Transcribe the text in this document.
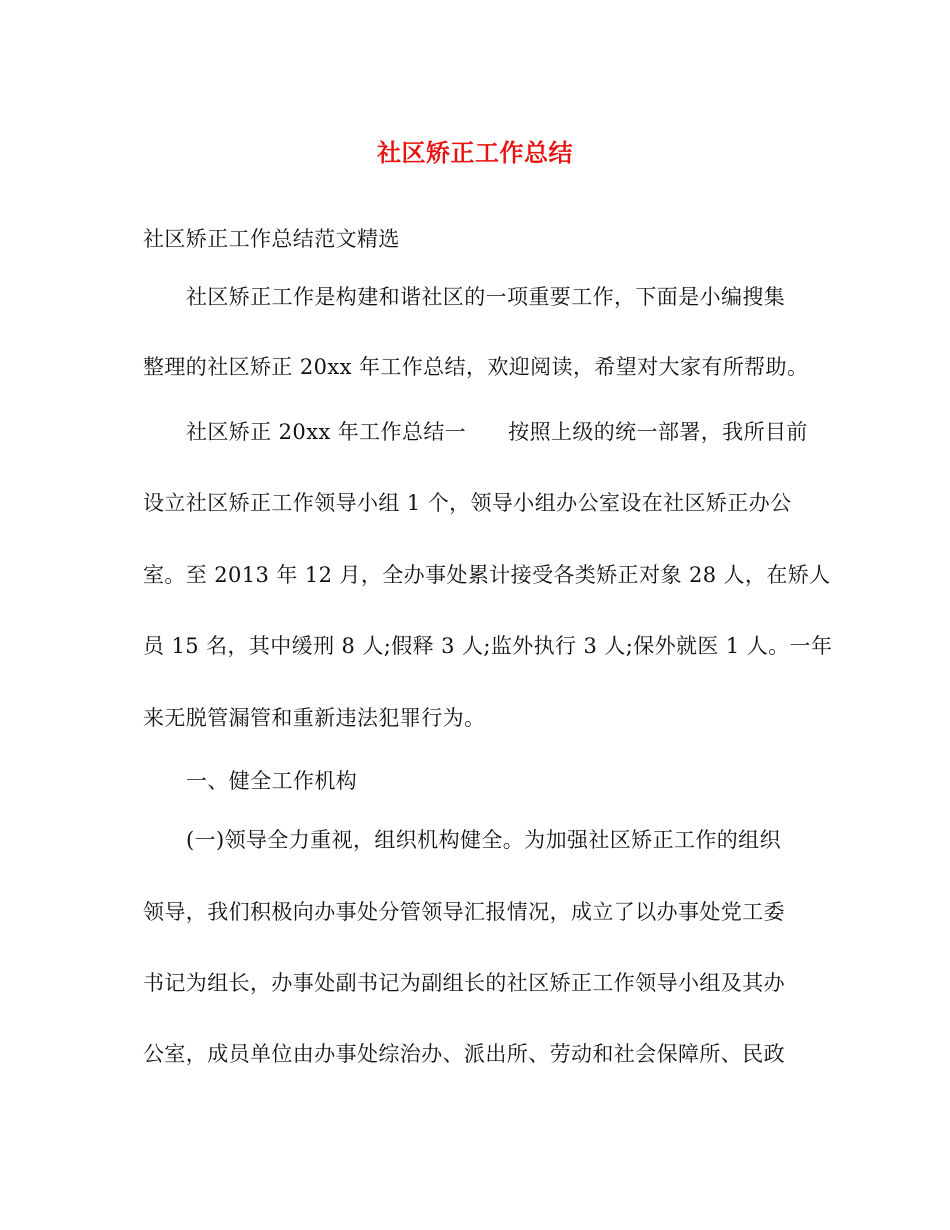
社区矫正工作总结
社区矫正工作总结范文精选
社区矫正工作是构建和谐社区的一项重要工作，下面是小编搜集
整理的社区矫正 20xx 年工作总结，欢迎阅读，希望对大家有所帮助。
社区矫正 20xx 年工作总结一 按照上级的统一部署，我所目前
设立社区矫正工作领导小组 1 个，领导小组办公室设在社区矫正办公
室。至 2013 年 12 月，全办事处累计接受各类矫正对象 28 人，在矫人
员 15 名，其中缓刑 8 人;假释 3 人;监外执行 3 人;保外就医 1 人。一年
来无脱管漏管和重新违法犯罪行为。
一、健全工作机构
(一)领导全力重视，组织机构健全。为加强社区矫正工作的组织
领导，我们积极向办事处分管领导汇报情况，成立了以办事处党工委
书记为组长，办事处副书记为副组长的社区矫正工作领导小组及其办
公室，成员单位由办事处综治办、派出所、劳动和社会保障所、民政
